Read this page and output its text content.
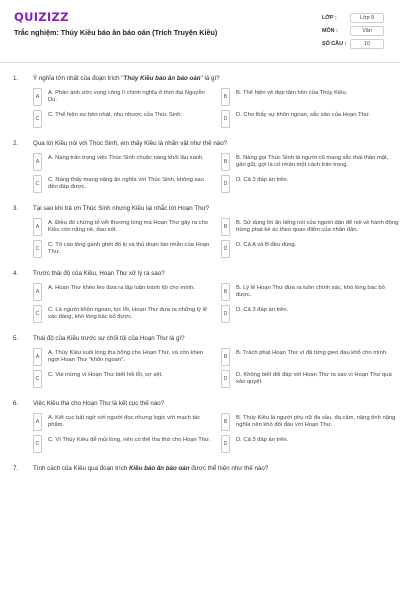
QUIZIZZ
Trắc nghiệm: Thúy Kiều báo ân báo oán (Trích Truyện Kiều)
LỚP :	Lớp 9
MÔN :	Văn
SỐ CÂU :	10
1.	Ý nghĩa lớn nhất của đoạn trích "Thúy Kiều báo ân báo oán" là gì?
A
A. Phản ánh ước vọng công lí chính nghĩa ở thời đại Nguyễn Du.
B
B. Thể hiện vẻ đẹp tâm hồn của Thúy Kiều.
C
C. Thể hiện sự hèn nhát, nhu nhược của Thúc Sinh.
D
D. Cho thấy sự khôn ngoan, sắc sảo của Hoạn Thư.
2.	Qua lời Kiều nói với Thúc Sinh, em thấy Kiều là nhân vật như thế nào?
A
A. Nàng trân trọng việc Thúc Sinh chuộc nàng khỏi lầu xanh.
B
B. Nàng gọi Thúc Sinh là người cũ mang sắc thái thân mật, gần gũi, gợi là cố nhân một cách trân trọng.
C
C. Nàng thấy mang nặng ân nghĩa với Thúc Sinh, không sao đền đáp được.
D
D. Cả 3 đáp án trên.
3.	Tại sao khi trả ơn Thúc Sinh nhưng Kiều lại nhắc tới Hoạn Thư?
A
A. Điều đó chứng tỏ vết thương lòng mà Hoạn Thư gây ra cho Kiều còn nặng nề, đau xót.
B
B. Sử dụng lời ăn tiếng nói của người dân để nói về hành động trừng phạt kẻ ác theo quan điểm của nhân dân.
C
C. Tố cáo lòng ganh ghét đố kị và thủ đoạn tàn nhẫn của Hoạn Thư.
D
D. Cả A và B đều đúng.
4.	Trước thái độ của Kiều, Hoạn Thư xử lý ra sao?
A
A. Hoạn Thư khéo léo đưa ra lập luận tránh tội cho mình.
B
B. Lý lẽ Hoạn Thư đưa ra luôn chính xác, khó lòng bác bỏ được.
C
C. Là người khôn ngoan, lọc lõi, Hoạn Thư đưa ra những lý lẽ xác đáng, khó lòng bác bỏ được.
D
D. Cả 3 đáp án trên.
5.	Thái độ của Kiều trước sự chối tội của Hoạn Thư là gì?
A
A. Thúy Kiều xuôi lòng tha bổng cho Hoạn Thư, và còn khen ngợi Hoạn Thư "khôn ngoan".
B
B. Trách phạt Hoạn Thư vì đã từng gieo đau khổ cho mình.
C
C. Vui mừng vì Hoạn Thư biết hối lỗi, sợ sệt.
D
D. Không biết đối đáp với Hoạn Thư ra sao vì Hoạn Thư quá xảo quyệt.
6.	Việc Kiều tha cho Hoạn Thư là kết cục thế nào?
A
A. Kết cục bất ngờ với người đọc nhưng logic với mạch tác phẩm.
B
B. Thúy Kiều là người phụ nữ đa sầu, đa cảm, nặng tình nặng nghĩa nên khó đối đầu với Hoạn Thư.
C
C. Vì Thúy Kiều dễ mủi lòng, nên có thể tha thứ cho Hoạn Thư.
D
D. Cả 3 đáp án trên.
7.	Tính cách của Kiều qua đoạn trích Kiều báo ân báo oán được thể hiện như thế nào?
